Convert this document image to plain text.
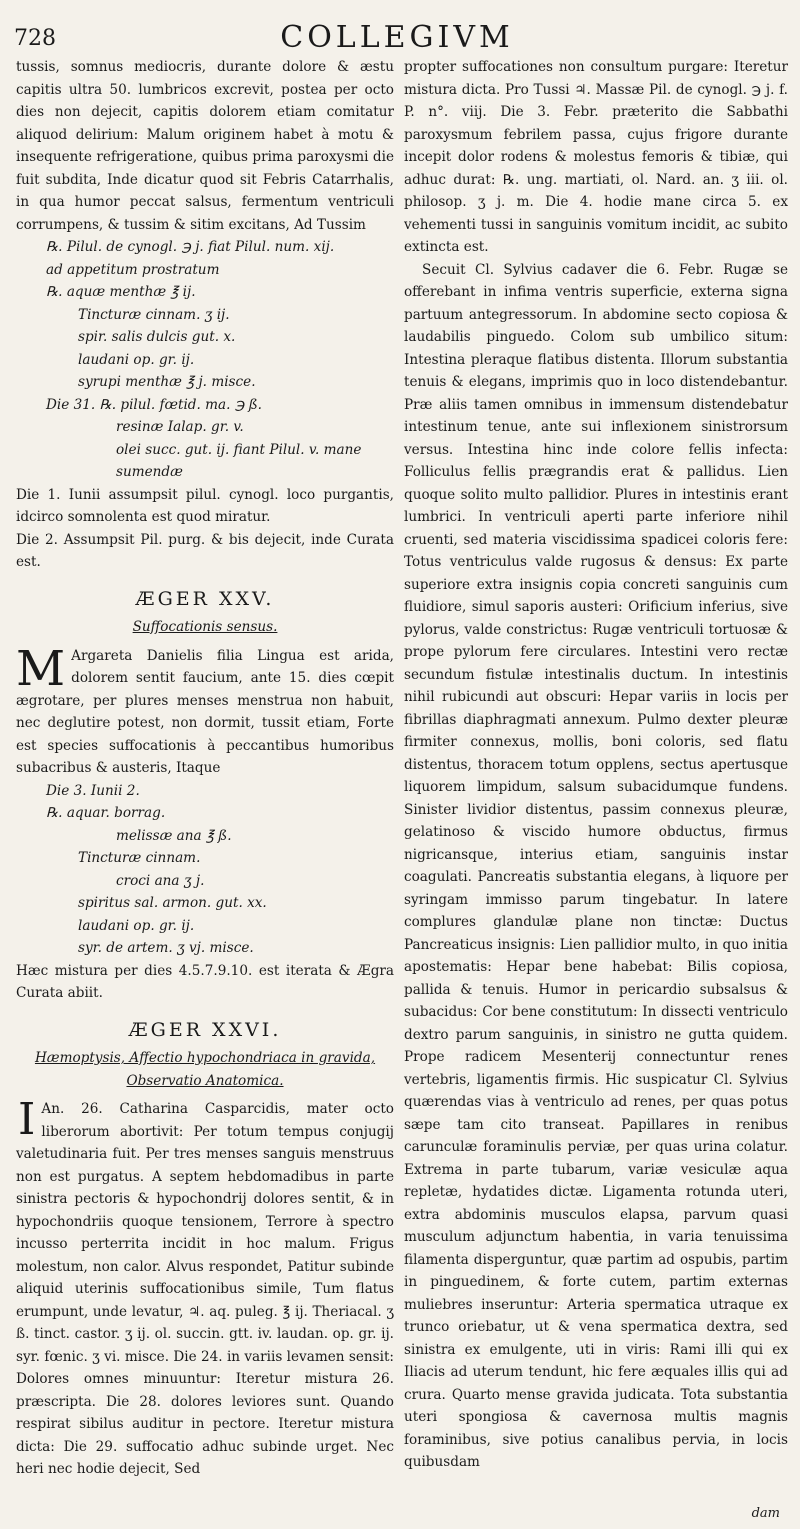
728	COLLEGIVM

tussis, somnus mediocris, durante dolore & æstu capitis ultra 50. lumbricos excrevit, postea per octo dies non dejecit, capitis dolorem etiam comitatur aliquod delirium: Malum originem habet à motu & insequente refrigeratione, quibus prima paroxysmi die fuit subdita, Inde dicatur quod sit Febris Catarrhalis, in qua humor peccat salsus, fermentum ventriculi corrumpens, & tussim & sitim excitans, Ad Tussim

℞. Pilul. de cynogl. ℈ j. fiat Pilul. num. xij.
ad appetitum prostratum
℞. aquæ menthæ ℥ ij.
Tincturæ cinnam. ʒ ij.
spir. salis dulcis gut. x.
laudani op. gr. ij.
syrupi menthæ ℥ j. misce.
Die 31. ℞. pilul. fœtid. ma. ℈ ß.
resinæ Ialap. gr. v.
olei succ. gut. ij. fiant Pilul. v. mane sumendæ

Die 1. Iunii assumpsit pilul. cynogl. loco purgantis, idcirco somnolenta est quod miratur.

Die 2. Assumpsit Pil. purg. & bis dejecit, inde Curata est.

ÆGER XXV.
Suffocationis sensus.

M Argareta Danielis filia Lingua est arida, dolorem sentit faucium, ante 15. dies cœpit ægrotare, per plures menses menstrua non habuit, nec deglutire potest, non dormit, tussit etiam, Forte est species suffocationis à peccantibus humoribus subacribus & austeris, Itaque

Die 3. Iunii 2.
℞. aquar. borrag.
melissæ ana ℥ ß.
Tincturæ cinnam.
croci ana ʒ j.
spiritus sal. armon. gut. xx.
laudani op. gr. ij.
syr. de artem. ʒ vj. misce.

Hæc mistura per dies 4.5.7.9.10. est iterata & Ægra Curata abiit.

ÆGER XXVI.
Hæmoptysis, Affectio hypochondriaca in gravida, Observatio Anatomica.

I An. 26. Catharina Casparcidis, mater octo liberorum abortivit: Per totum tempus conjugij valetudinaria fuit. Per tres menses sanguis menstruus non est purgatus. A septem hebdomadibus in parte sinistra pectoris & hypochondrij dolores sentit, & in hypochondriis quoque tensionem, Terrore à spectro incusso perterrita incidit in hoc malum. Frigus molestum, non calor. Alvus respondet, Patitur subinde aliquid uterinis suffocationibus simile, Tum flatus erumpunt, unde levatur, ♃. aq. puleg. ℥ ij. Theriacal. ʒ ß. tinct. castor. ʒ ij. ol. succin. gtt. iv. laudan. op. gr. ij. syr. fœnic. ʒ vi. misce. Die 24. in variis levamen sensit: Dolores omnes minuuntur: Iteretur mistura 26. præscripta. Die 28. dolores leviores sunt. Quando respirat sibilus auditur in pectore. Iteretur mistura dicta: Die 29. suffocatio adhuc subinde urget. Nec heri nec hodie dejecit, Sed

propter suffocationes non consultum purgare: Iteretur mistura dicta. Pro Tussi ♃. Massæ Pil. de cynogl. ℈ j. f. P. n°. viij. Die 3. Febr. præterito die Sabbathi paroxysmum febrilem passa, cujus frigore durante incepit dolor rodens & molestus femoris & tibiæ, qui adhuc durat: ℞. ung. martiati, ol. Nard. an. ʒ iii. ol. philosop. ʒ j. m. Die 4. hodie mane circa 5. ex vehementi tussi in sanguinis vomitum incidit, ac subito extincta est.

Secuit Cl. Sylvius cadaver die 6. Febr. Rugæ se offerebant in infima ventris superficie, externa signa partuum antegressorum. In abdomine secto copiosa & laudabilis pinguedo. Colom sub umbilico situm: Intestina pleraque flatibus distenta. Illorum substantia tenuis & elegans, imprimis quo in loco distendebantur. Præ aliis tamen omnibus in immensum distendebatur intestinum tenue, ante sui inflexionem sinistrorsum versus. Intestina hinc inde colore fellis infecta: Folliculus fellis prægrandis erat & pallidus. Lien quoque solito multo pallidior. Plures in intestinis erant lumbrici. In ventriculi aperti parte inferiore nihil cruenti, sed materia viscidissima spadicei coloris fere: Totus ventriculus valde rugosus & densus: Ex parte superiore extra insignis copia concreti sanguinis cum fluidiore, simul saporis austeri: Orificium inferius, sive pylorus, valde constrictus: Rugæ ventriculi tortuosæ & prope pylorum fere circulares. Intestini vero rectæ secundum fistulæ intestinalis ductum. In intestinis nihil rubicundi aut obscuri: Hepar variis in locis per fibrillas diaphragmati annexum. Pulmo dexter pleuræ firmiter connexus, mollis, boni coloris, sed flatu distentus, thoracem totum opplens, sectus apertusque liquorem limpidum, salsum subacidumque fundens. Sinister lividior distentus, passim connexus pleuræ, gelatinoso & viscido humore obductus, firmus nigricansque, interius etiam, sanguinis instar coagulati. Pancreatis substantia elegans, à liquore per syringam immisso parum tingebatur. In latere complures glandulæ plane non tinctæ: Ductus Pancreaticus insignis: Lien pallidior multo, in quo initia apostematis: Hepar bene habebat: Bilis copiosa, pallida & tenuis. Humor in pericardio subsalsus & subacidus: Cor bene constitutum: In dissecti ventriculo dextro parum sanguinis, in sinistro ne gutta quidem. Prope radicem Mesenterij connectuntur renes vertebris, ligamentis firmis. Hic suspicatur Cl. Sylvius quærendas vias à ventriculo ad renes, per quas potus sæpe tam cito transeat. Papillares in renibus carunculæ foraminulis perviæ, per quas urina colatur. Extrema in parte tubarum, variæ vesiculæ aqua repletæ, hydatides dictæ. Ligamenta rotunda uteri, extra abdominis musculos elapsa, parvum quasi musculum adjunctum habentia, in varia tenuissima filamenta disperguntur, quæ partim ad ospubis, partim in pinguedinem, & forte cutem, partim externas muliebres inseruntur: Arteria spermatica utraque ex trunco oriebatur, ut & vena spermatica dextra, sed sinistra ex emulgente, uti in viris: Rami illi qui ex Iliacis ad uterum tendunt, hic fere æquales illis qui ad crura. Quarto mense gravida judicata. Tota substantia uteri spongiosa & cavernosa multis magnis foraminibus, sive potius canalibus pervia, in locis quibusdam

dam
